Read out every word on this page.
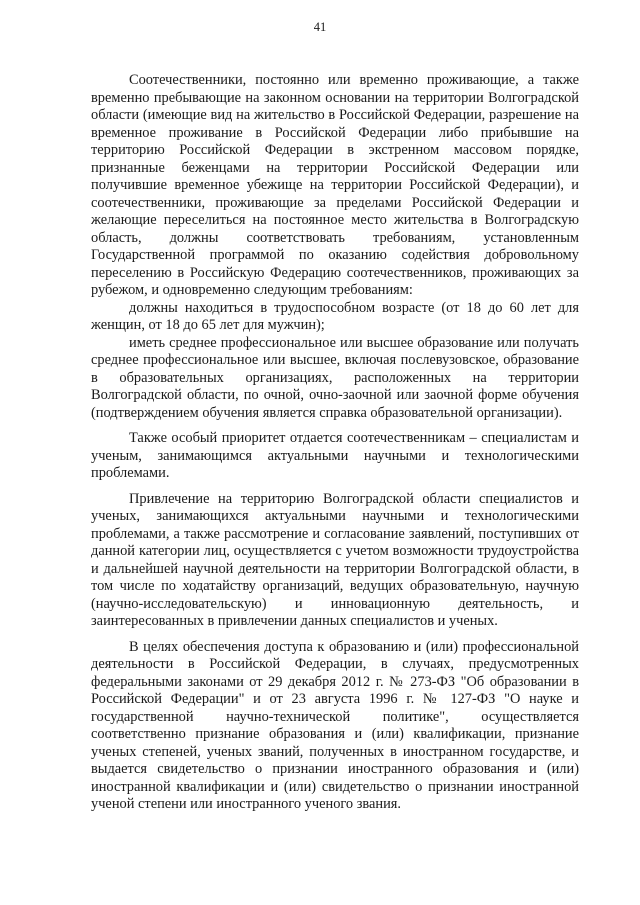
41

Соотечественники, постоянно или временно проживающие, а также временно пребывающие на законном основании на территории Волгоградской области (имеющие вид на жительство в Российской Федерации, разрешение на временное проживание в Российской Федерации либо прибывшие на территорию Российской Федерации в экстренном массовом порядке, признанные беженцами на территории Российской Федерации или получившие временное убежище на территории Российской Федерации), и соотечественники, проживающие за пределами Российской Федерации и желающие переселиться на постоянное место жительства в Волгоградскую область, должны соответствовать требованиям, установленным Государственной программой по оказанию содействия добровольному переселению в Российскую Федерацию соотечественников, проживающих за рубежом, и одновременно следующим требованиям:

должны находиться в трудоспособном возрасте (от 18 до 60 лет для женщин, от 18 до 65 лет для мужчин);

иметь среднее профессиональное или высшее образование или получать среднее профессиональное или высшее, включая послевузовское, образование в образовательных организациях, расположенных на территории Волгоградской области, по очной, очно-заочной или заочной форме обучения (подтверждением обучения является справка образовательной организации).

Также особый приоритет отдается соотечественникам – специалистам и ученым, занимающимся актуальными научными и технологическими проблемами.

Привлечение на территорию Волгоградской области специалистов и ученых, занимающихся актуальными научными и технологическими проблемами, а также рассмотрение и согласование заявлений, поступивших от данной категории лиц, осуществляется с учетом возможности трудоустройства и дальнейшей научной деятельности на территории Волгоградской области, в том числе по ходатайству организаций, ведущих образовательную, научную (научно-исследовательскую) и инновационную деятельность, и заинтересованных в привлечении данных специалистов и ученых.

В целях обеспечения доступа к образованию и (или) профессиональной деятельности в Российской Федерации, в случаях, предусмотренных федеральными законами от 29 декабря 2012 г. № 273-ФЗ "Об образовании в Российской Федерации" и от 23 августа 1996 г. № 127-ФЗ "О науке и государственной научно-технической политике", осуществляется соответственно признание образования и (или) квалификации, признание ученых степеней, ученых званий, полученных в иностранном государстве, и выдается свидетельство о признании иностранного образования и (или) иностранной квалификации и (или) свидетельство о признании иностранной ученой степени или иностранного ученого звания.
